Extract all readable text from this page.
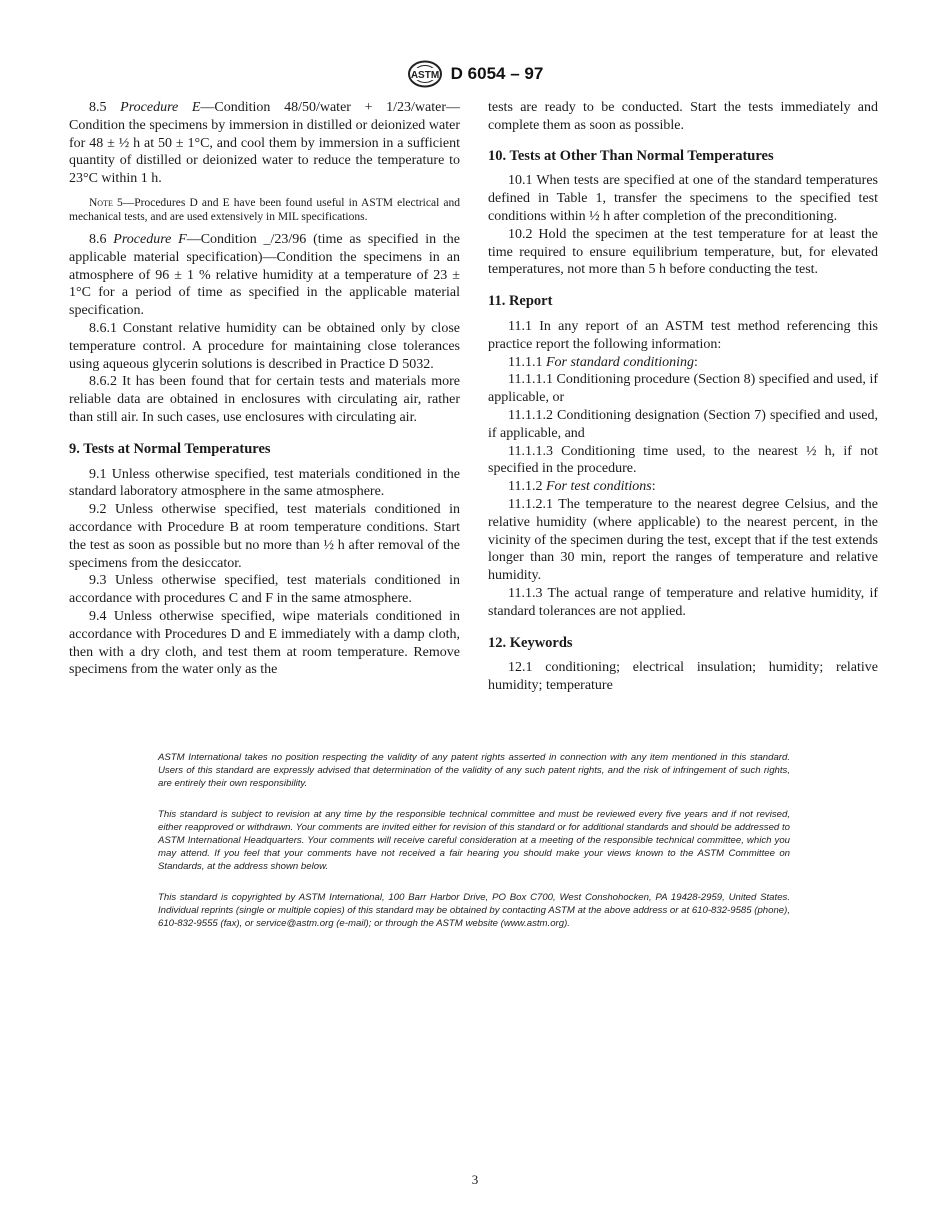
ASTM D 6054 – 97

8.5 Procedure E—Condition 48/50/water + 1/23/water—Condition the specimens by immersion in distilled or deionized water for 48 ± ½ h at 50 ± 1°C, and cool them by immersion in a sufficient quantity of distilled or deionized water to reduce the temperature to 23°C within 1 h.

Note 5—Procedures D and E have been found useful in ASTM electrical and mechanical tests, and are used extensively in MIL specifications.

8.6 Procedure F—Condition _/23/96 (time as specified in the applicable material specification)—Condition the specimens in an atmosphere of 96 ± 1 % relative humidity at a temperature of 23 ± 1°C for a period of time as specified in the applicable material specification.

8.6.1 Constant relative humidity can be obtained only by close temperature control. A procedure for maintaining close tolerances using aqueous glycerin solutions is described in Practice D 5032.

8.6.2 It has been found that for certain tests and materials more reliable data are obtained in enclosures with circulating air, rather than still air. In such cases, use enclosures with circulating air.

9. Tests at Normal Temperatures

9.1 Unless otherwise specified, test materials conditioned in the standard laboratory atmosphere in the same atmosphere.

9.2 Unless otherwise specified, test materials conditioned in accordance with Procedure B at room temperature conditions. Start the test as soon as possible but no more than ½ h after removal of the specimens from the desiccator.

9.3 Unless otherwise specified, test materials conditioned in accordance with procedures C and F in the same atmosphere.

9.4 Unless otherwise specified, wipe materials conditioned in accordance with Procedures D and E immediately with a damp cloth, then with a dry cloth, and test them at room temperature. Remove specimens from the water only as the

tests are ready to be conducted. Start the tests immediately and complete them as soon as possible.

10. Tests at Other Than Normal Temperatures

10.1 When tests are specified at one of the standard temperatures defined in Table 1, transfer the specimens to the specified test conditions within ½ h after completion of the preconditioning.

10.2 Hold the specimen at the test temperature for at least the time required to ensure equilibrium temperature, but, for elevated temperatures, not more than 5 h before conducting the test.

11. Report

11.1 In any report of an ASTM test method referencing this practice report the following information:

11.1.1 For standard conditioning:

11.1.1.1 Conditioning procedure (Section 8) specified and used, if applicable, or

11.1.1.2 Conditioning designation (Section 7) specified and used, if applicable, and

11.1.1.3 Conditioning time used, to the nearest ½ h, if not specified in the procedure.

11.1.2 For test conditions:

11.1.2.1 The temperature to the nearest degree Celsius, and the relative humidity (where applicable) to the nearest percent, in the vicinity of the specimen during the test, except that if the test extends longer than 30 min, report the ranges of temperature and relative humidity.

11.1.3 The actual range of temperature and relative humidity, if standard tolerances are not applied.

12. Keywords

12.1 conditioning; electrical insulation; humidity; relative humidity; temperature

ASTM International takes no position respecting the validity of any patent rights asserted in connection with any item mentioned in this standard. Users of this standard are expressly advised that determination of the validity of any such patent rights, and the risk of infringement of such rights, are entirely their own responsibility.

This standard is subject to revision at any time by the responsible technical committee and must be reviewed every five years and if not revised, either reapproved or withdrawn. Your comments are invited either for revision of this standard or for additional standards and should be addressed to ASTM International Headquarters. Your comments will receive careful consideration at a meeting of the responsible technical committee, which you may attend. If you feel that your comments have not received a fair hearing you should make your views known to the ASTM Committee on Standards, at the address shown below.

This standard is copyrighted by ASTM International, 100 Barr Harbor Drive, PO Box C700, West Conshohocken, PA 19428-2959, United States. Individual reprints (single or multiple copies) of this standard may be obtained by contacting ASTM at the above address or at 610-832-9585 (phone), 610-832-9555 (fax), or service@astm.org (e-mail); or through the ASTM website (www.astm.org).

3
